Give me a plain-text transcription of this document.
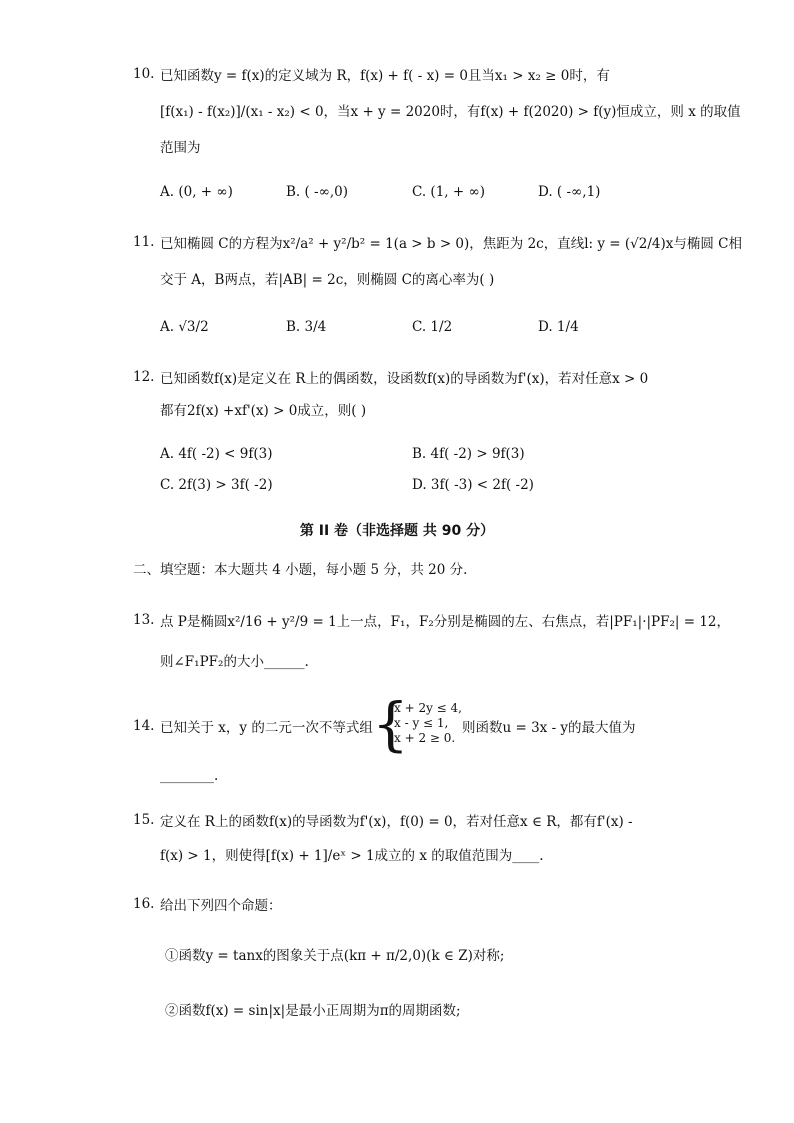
10. 已知函数y = f(x)的定义域为 R，f(x) + f( - x) = 0且当x₁ > x₂ ≥ 0时，有
[f(x₁) - f(x₂)]/(x₁ - x₂) < 0，当x + y = 2020时，有f(x) + f(2020) > f(y)恒成立，则 x 的取值
范围为
A. (0, + ∞)	B. ( -∞,0)	C. (1, + ∞)	D. ( -∞,1)
11. 已知椭圆 C的方程为x²/a² + y²/b² = 1(a > b > 0)，焦距为 2c，直线l: y = (√2/4)x与椭圆 C相
交于 A，B两点，若|AB| = 2c，则椭圆 C的离心率为( )
A. √3/2	B. 3/4	C. 1/2	D. 1/4
12. 已知函数f(x)是定义在 R上的偶函数，设函数f(x)的导函数为f'(x)，若对任意x > 0
都有2f(x) +xf'(x) > 0成立，则( )
A. 4f( -2) < 9f(3)	B. 4f( -2) > 9f(3)
C. 2f(3) > 3f( -2)	D. 3f( -3) < 2f( -2)
第 II 卷（非选择题 共 90 分）
二、填空题：本大题共 4 小题，每小题 5 分，共 20 分.
13. 点 P是椭圆x²/16 + y²/9 = 1上一点，F₁，F₂分别是椭圆的左、右焦点，若|PF₁|·|PF₂| = 12，
则∠F₁PF₂的大小______.
14. 已知关于 x，y 的二元一次不等式组 {
x + 2y ≤ 4,
x - y ≤ 1,
x + 2 ≥ 0.
则函数u = 3x - y的最大值为
________.
15. 定义在 R上的函数f(x)的导函数为f'(x)，f(0) = 0，若对任意x ∈ R，都有f'(x) -
f(x) > 1，则使得[f(x) + 1]/eˣ > 1成立的 x 的取值范围为____.
16. 给出下列四个命题：
①函数y = tanx的图象关于点(kπ + π/2,0)(k ∈ Z)对称;
②函数f(x) = sin|x|是最小正周期为π的周期函数;
